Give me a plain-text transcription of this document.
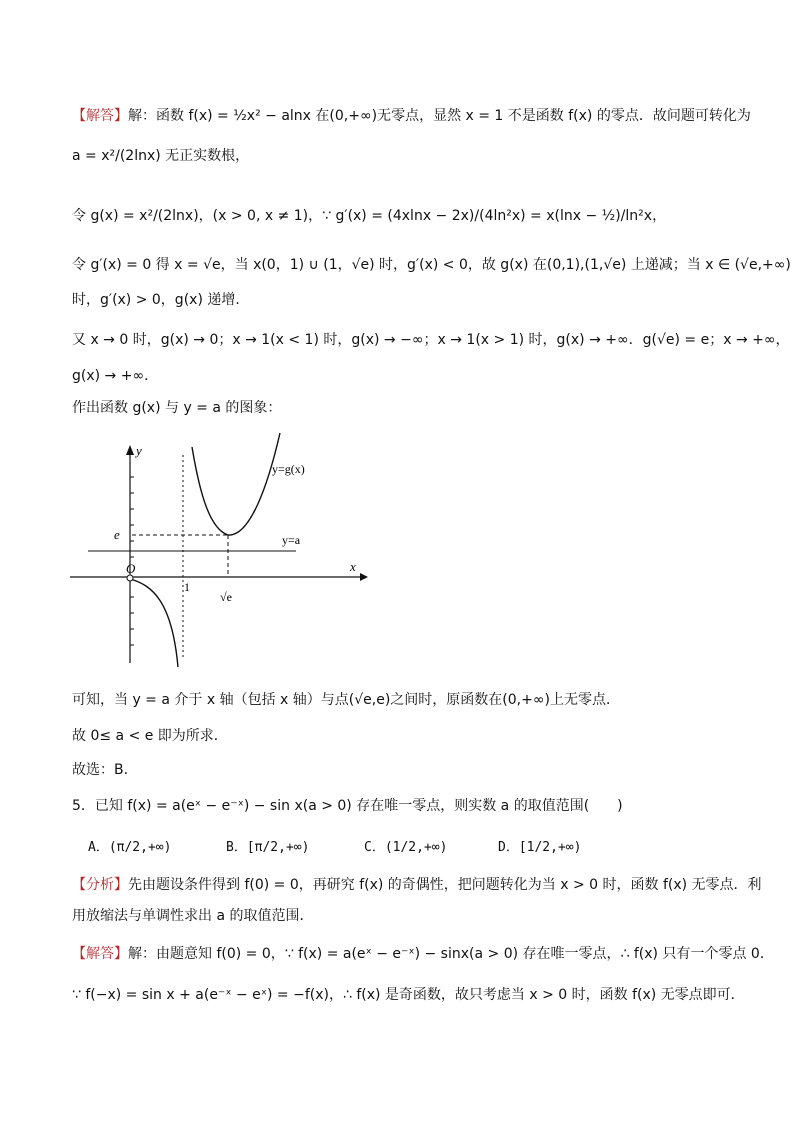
【解答】解：函数 f(x) = ½x² − alnx 在(0,+∞)无零点，显然 x = 1 不是函数 f(x) 的零点．故问题可转化为
a = x²/(2lnx) 无正实数根，
令 g(x) = x²/(2lnx)，(x > 0, x ≠ 1)，∵ g′(x) = (4xlnx − 2x)/(4ln²x) = x(lnx − ½)/ln²x，
令 g′(x) = 0 得 x = √e，当 x(0，1) ∪ (1，√e) 时，g′(x) < 0，故 g(x) 在(0,1),(1,√e) 上递减；当 x ∈ (√e,+∞)
时，g′(x) > 0，g(x) 递增．
又 x → 0 时，g(x) → 0；x → 1(x < 1) 时，g(x) → −∞；x → 1(x > 1) 时，g(x) → +∞．g(√e) = e；x → +∞，
g(x) → +∞．
作出函数 g(x) 与 y = a 的图象：
y
x
O
1
√e
e
y=g(x)
y=a
可知，当 y = a 介于 x 轴（包括 x 轴）与点(√e,e)之间时，原函数在(0,+∞)上无零点．
故 0≤ a < e 即为所求．
故选：B．
5．已知 f(x) = a(eˣ − e⁻ˣ) − sin x(a > 0) 存在唯一零点，则实数 a 的取值范围(　　)
A．(π/2,+∞)	B．[π/2,+∞)	C．(1/2,+∞)	D．[1/2,+∞)
【分析】先由题设条件得到 f(0) = 0，再研究 f(x) 的奇偶性，把问题转化为当 x > 0 时，函数 f(x) 无零点．利
用放缩法与单调性求出 a 的取值范围．
【解答】解：由题意知 f(0) = 0，∵ f(x) = a(eˣ − e⁻ˣ) − sinx(a > 0) 存在唯一零点，∴ f(x) 只有一个零点 0．
∵ f(−x) = sin x + a(e⁻ˣ − eˣ) = −f(x)，∴ f(x) 是奇函数，故只考虑当 x > 0 时，函数 f(x) 无零点即可．
